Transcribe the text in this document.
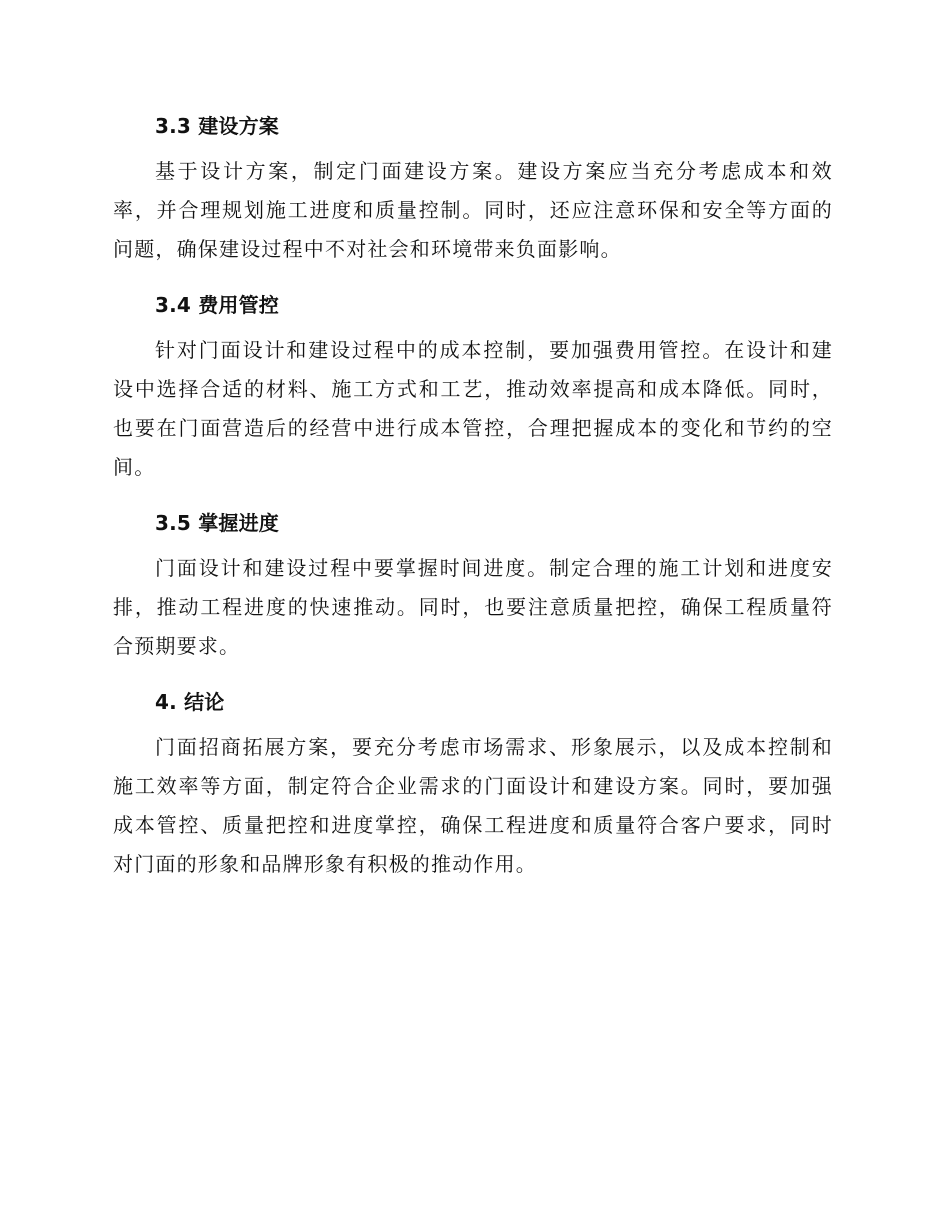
3.3 建设方案

基于设计方案，制定门面建设方案。建设方案应当充分考虑成本和效率，并合理规划施工进度和质量控制。同时，还应注意环保和安全等方面的问题，确保建设过程中不对社会和环境带来负面影响。

3.4 费用管控

针对门面设计和建设过程中的成本控制，要加强费用管控。在设计和建设中选择合适的材料、施工方式和工艺，推动效率提高和成本降低。同时，也要在门面营造后的经营中进行成本管控，合理把握成本的变化和节约的空间。

3.5 掌握进度

门面设计和建设过程中要掌握时间进度。制定合理的施工计划和进度安排，推动工程进度的快速推动。同时，也要注意质量把控，确保工程质量符合预期要求。

4. 结论

门面招商拓展方案，要充分考虑市场需求、形象展示，以及成本控制和施工效率等方面，制定符合企业需求的门面设计和建设方案。同时，要加强成本管控、质量把控和进度掌控，确保工程进度和质量符合客户要求，同时对门面的形象和品牌形象有积极的推动作用。
